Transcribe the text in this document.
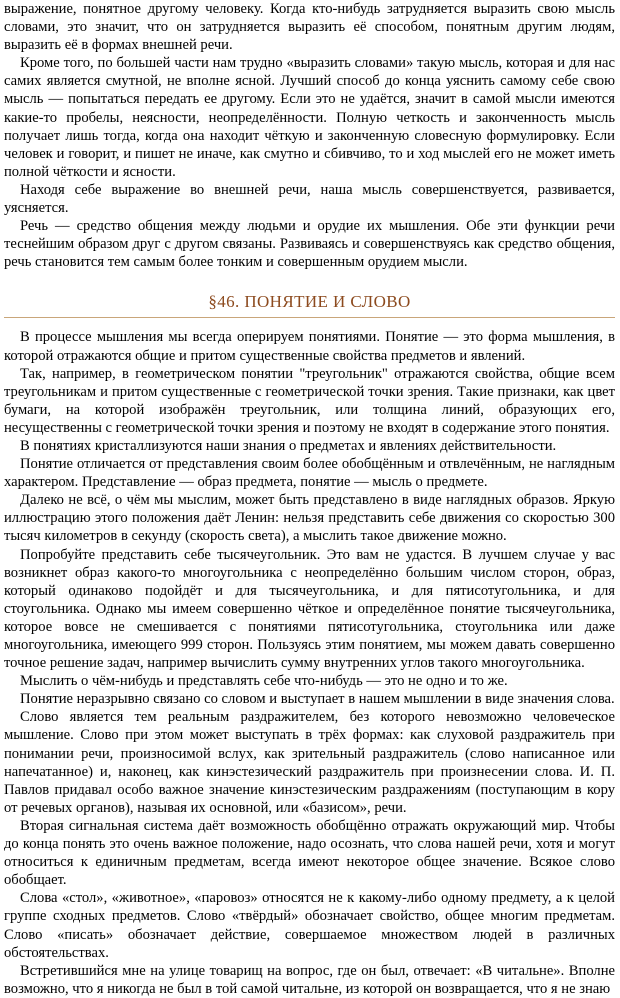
выражение, понятное другому человеку. Когда кто-нибудь затрудняется выразить свою мысль словами, это значит, что он затрудняется выразить её способом, понятным другим людям, выразить её в формах внешней речи.

Кроме того, по большей части нам трудно «выразить словами» такую мысль, которая и для нас самих является смутной, не вполне ясной. Лучший способ до конца уяснить самому себе свою мысль — попытаться передать ее другому. Если это не удаётся, значит в самой мысли имеются какие-то пробелы, неясности, неопределённости. Полную четкость и законченность мысль получает лишь тогда, когда она находит чёткую и законченную словесную формулировку. Если человек и говорит, и пишет не иначе, как смутно и сбивчиво, то и ход мыслей его не может иметь полной чёткости и ясности.

Находя себе выражение во внешней речи, наша мысль совершенствуется, развивается, уясняется.

Речь — средство общения между людьми и орудие их мышления. Обе эти функции речи теснейшим образом друг с другом связаны. Развиваясь и совершенствуясь как средство общения, речь становится тем самым более тонким и совершенным орудием мысли.

§46. ПОНЯТИЕ И СЛОВО

В процессе мышления мы всегда оперируем понятиями. Понятие — это форма мышления, в которой отражаются общие и притом существенные свойства предметов и явлений.

Так, например, в геометрическом понятии "треугольник" отражаются свойства, общие всем треугольникам и притом существенные с геометрической точки зрения. Такие признаки, как цвет бумаги, на которой изображён треугольник, или толщина линий, образующих его, несущественны с геометрической точки зрения и поэтому не входят в содержание этого понятия.

В понятиях кристаллизуются наши знания о предметах и явлениях действительности.

Понятие отличается от представления своим более обобщённым и отвлечённым, не наглядным характером. Представление — образ предмета, понятие — мысль о предмете.

Далеко не всё, о чём мы мыслим, может быть представлено в виде наглядных образов. Яркую иллюстрацию этого положения даёт Ленин: нельзя представить себе движения со скоростью 300 тысяч километров в секунду (скорость света), а мыслить такое движение можно.

Попробуйте представить себе тысячеугольник. Это вам не удастся. В лучшем случае у вас возникнет образ какого-то многоугольника с неопределённо большим числом сторон, образ, который одинаково подойдёт и для тысячеугольника, и для пятисотугольника, и для стоугольника. Однако мы имеем совершенно чёткое и определённое понятие тысячеугольника, которое вовсе не смешивается с понятиями пятисотугольника, стоугольника или даже многоугольника, имеющего 999 сторон. Пользуясь этим понятием, мы можем давать совершенно точное решение задач, например вычислить сумму внутренних углов такого многоугольника.

Мыслить о чём-нибудь и представлять себе что-нибудь — это не одно и то же.

Понятие неразрывно связано со словом и выступает в нашем мышлении в виде значения слова.

Слово является тем реальным раздражителем, без которого невозможно человеческое мышление. Слово при этом может выступать в трёх формах: как слуховой раздражитель при понимании речи, произносимой вслух, как зрительный раздражитель (слово написанное или напечатанное) и, наконец, как кинэстезический раздражитель при произнесении слова. И. П. Павлов придавал особо важное значение кинэстезическим раздражениям (поступающим в кору от речевых органов), называя их основной, или «базисом», речи.

Вторая сигнальная система даёт возможность обобщённо отражать окружающий мир. Чтобы до конца понять это очень важное положение, надо осознать, что слова нашей речи, хотя и могут относиться к единичным предметам, всегда имеют некоторое общее значение. Всякое слово обобщает.

Слова «стол», «животное», «паровоз» относятся не к какому-либо одному предмету, а к целой группе сходных предметов. Слово «твёрдый» обозначает свойство, общее многим предметам. Слово «писать» обозначает действие, совершаемое множеством людей в различных обстоятельствах.

Встретившийся мне на улице товарищ на вопрос, где он был, отвечает: «В читальне». Вполне возможно, что я никогда не был в той самой читальне, из которой он возвращается, что я не знаю
